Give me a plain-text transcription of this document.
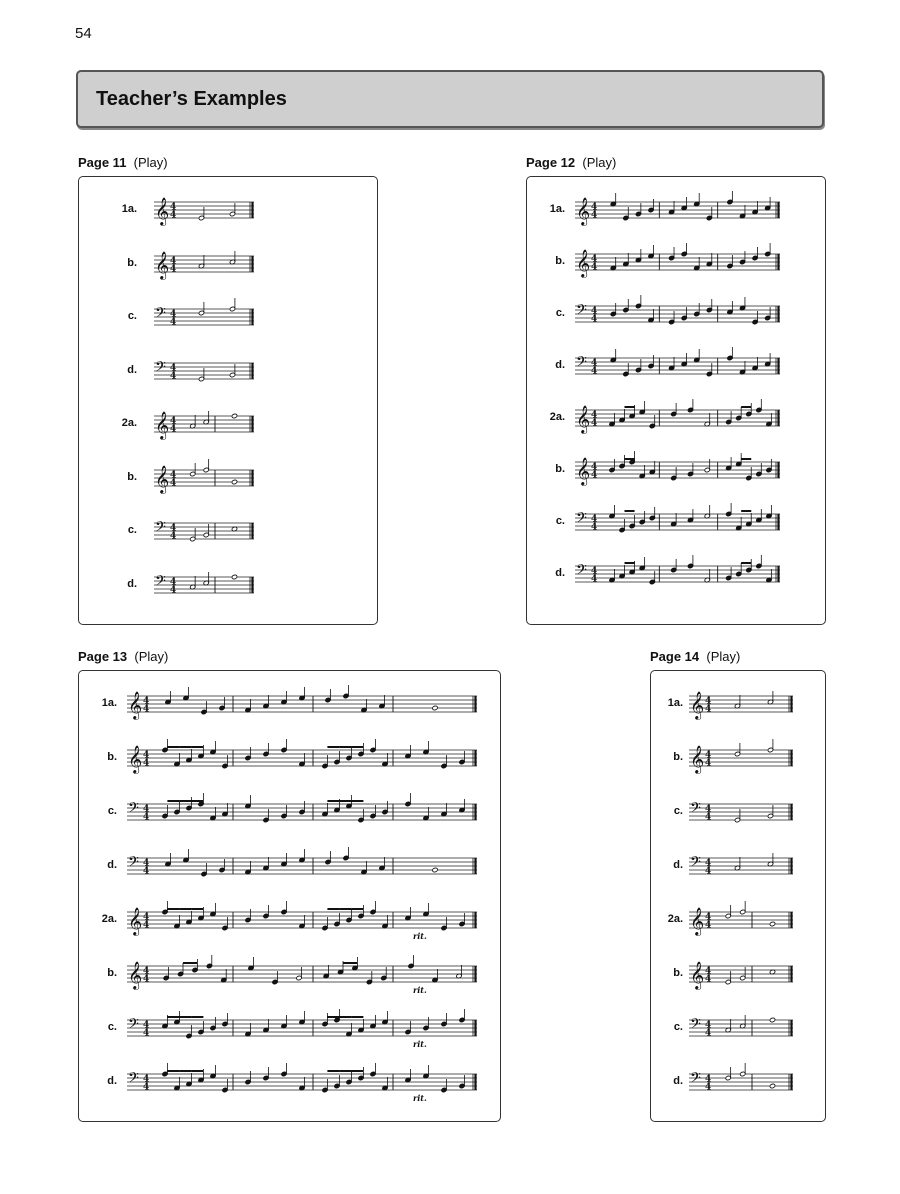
54
Teacher’s Examples
Page 11 (Play)
1a. 𝄞 4
4
b. 𝄞 4
4
c. 𝄢 4
4
d. 𝄢 4
4
2a. 𝄞 4
4
b. 𝄞 4
4
c. 𝄢 4
4
d. 𝄢 4
4
Page 12 (Play)
1a. 𝄞 4
4
b. 𝄞 4
4
c. 𝄢 4
4
d. 𝄢 4
4
2a. 𝄞 4
4
b. 𝄞 4
4
c. 𝄢 4
4
d. 𝄢 4
4
Page 13 (Play)
1a. 𝄞 4
4
b. 𝄞 4
4
c. 𝄢 4
4
d. 𝄢 4
4
2a. 𝄞 4
4
rit.
b. 𝄞 4
4
rit.
c. 𝄢 4
4
rit.
d. 𝄢 4
4
rit.
Page 14 (Play)
1a. 𝄞 4
4
b. 𝄞 4
4
c. 𝄢 4
4
d. 𝄢 4
4
2a. 𝄞 4
4
b. 𝄞 4
4
c. 𝄢 4
4
d. 𝄢 4
4
